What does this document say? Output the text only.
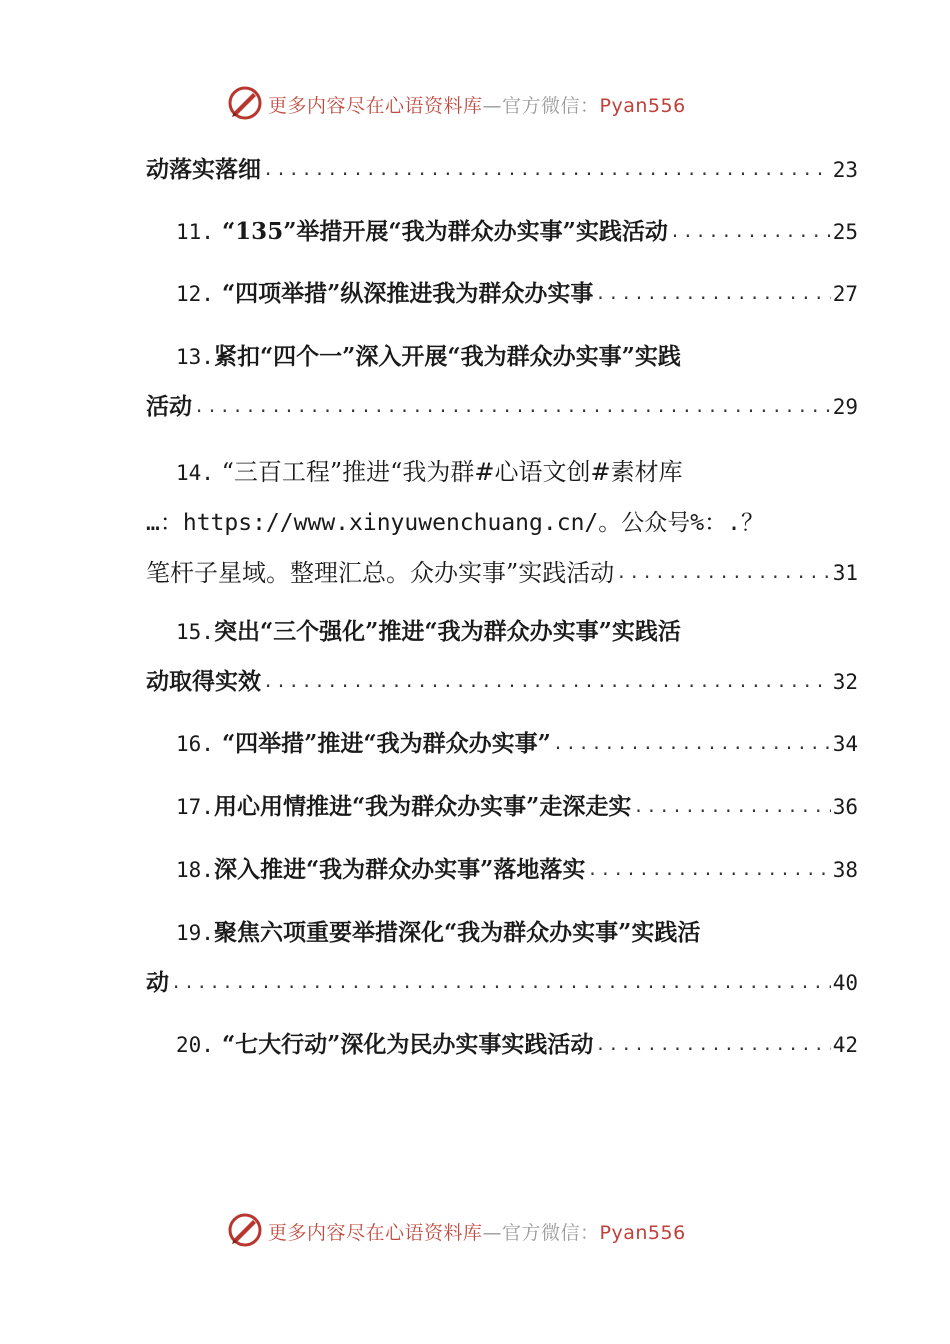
更多内容尽在心语资料库—官方微信：Pyan556
动落实落细 .....	23
11. “135”举措开展“我为群众办实事”实践活动 .....	25
12. “四项举措”纵深推进我为群众办实事 .....	27
13.紧扣“四个一”深入开展“我为群众办实事”实践
活动 .....	29
14. “三百工程”推进“我为群#心语文创#素材库
…：https://www.xinyuwenchuang.cn/。公众号%：.？
笔杆子星域。整理汇总。众办实事”实践活动 .....	31
15.突出“三个强化”推进“我为群众办实事”实践活
动取得实效 .....	32
16. “四举措”推进“我为群众办实事” .....	34
17.用心用情推进“我为群众办实事”走深走实 .....	36
18.深入推进“我为群众办实事”落地落实 .....	38
19.聚焦六项重要举措深化“我为群众办实事”实践活
动 .....	40
20. “七大行动”深化为民办实事实践活动 .....	42
更多内容尽在心语资料库—官方微信：Pyan556
